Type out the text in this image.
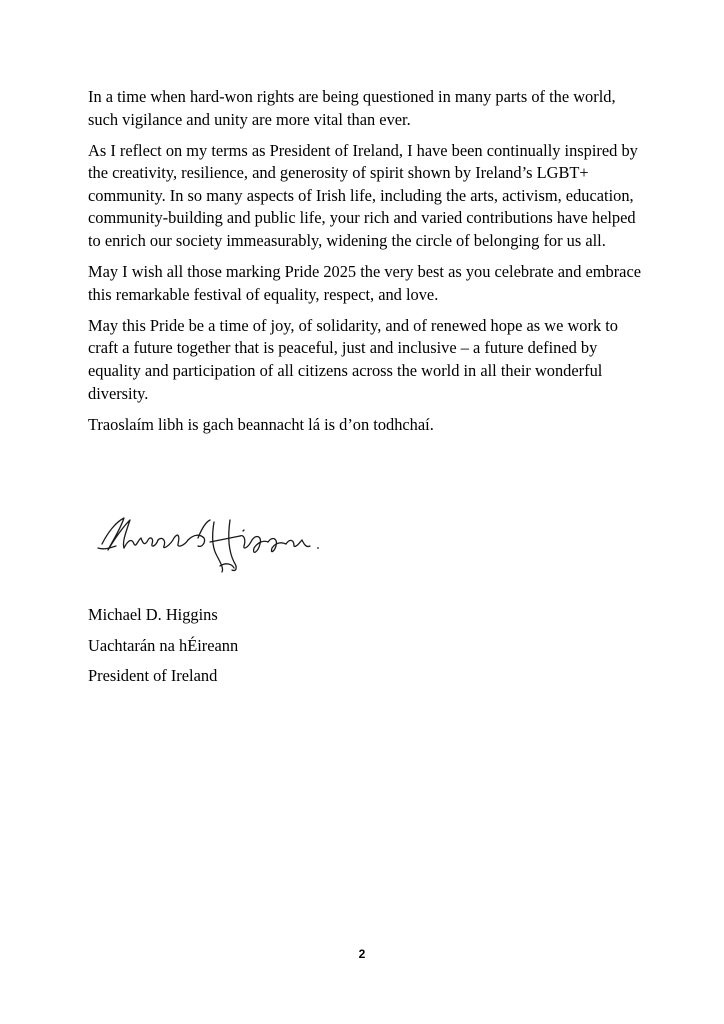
In a time when hard-won rights are being questioned in many parts of the world, such vigilance and unity are more vital than ever.

As I reflect on my terms as President of Ireland, I have been continually inspired by the creativity, resilience, and generosity of spirit shown by Ireland’s LGBT+ community. In so many aspects of Irish life, including the arts, activism, education, community-building and public life, your rich and varied contributions have helped to enrich our society immeasurably, widening the circle of belonging for us all.

May I wish all those marking Pride 2025 the very best as you celebrate and embrace this remarkable festival of equality, respect, and love.

May this Pride be a time of joy, of solidarity, and of renewed hope as we work to craft a future together that is peaceful, just and inclusive – a future defined by equality and participation of all citizens across the world in all their wonderful diversity.

Traoslaím libh is gach beannacht lá is d’on todhchaí.

Michael D. Higgins
Uachtarán na hÉireann
President of Ireland
2
